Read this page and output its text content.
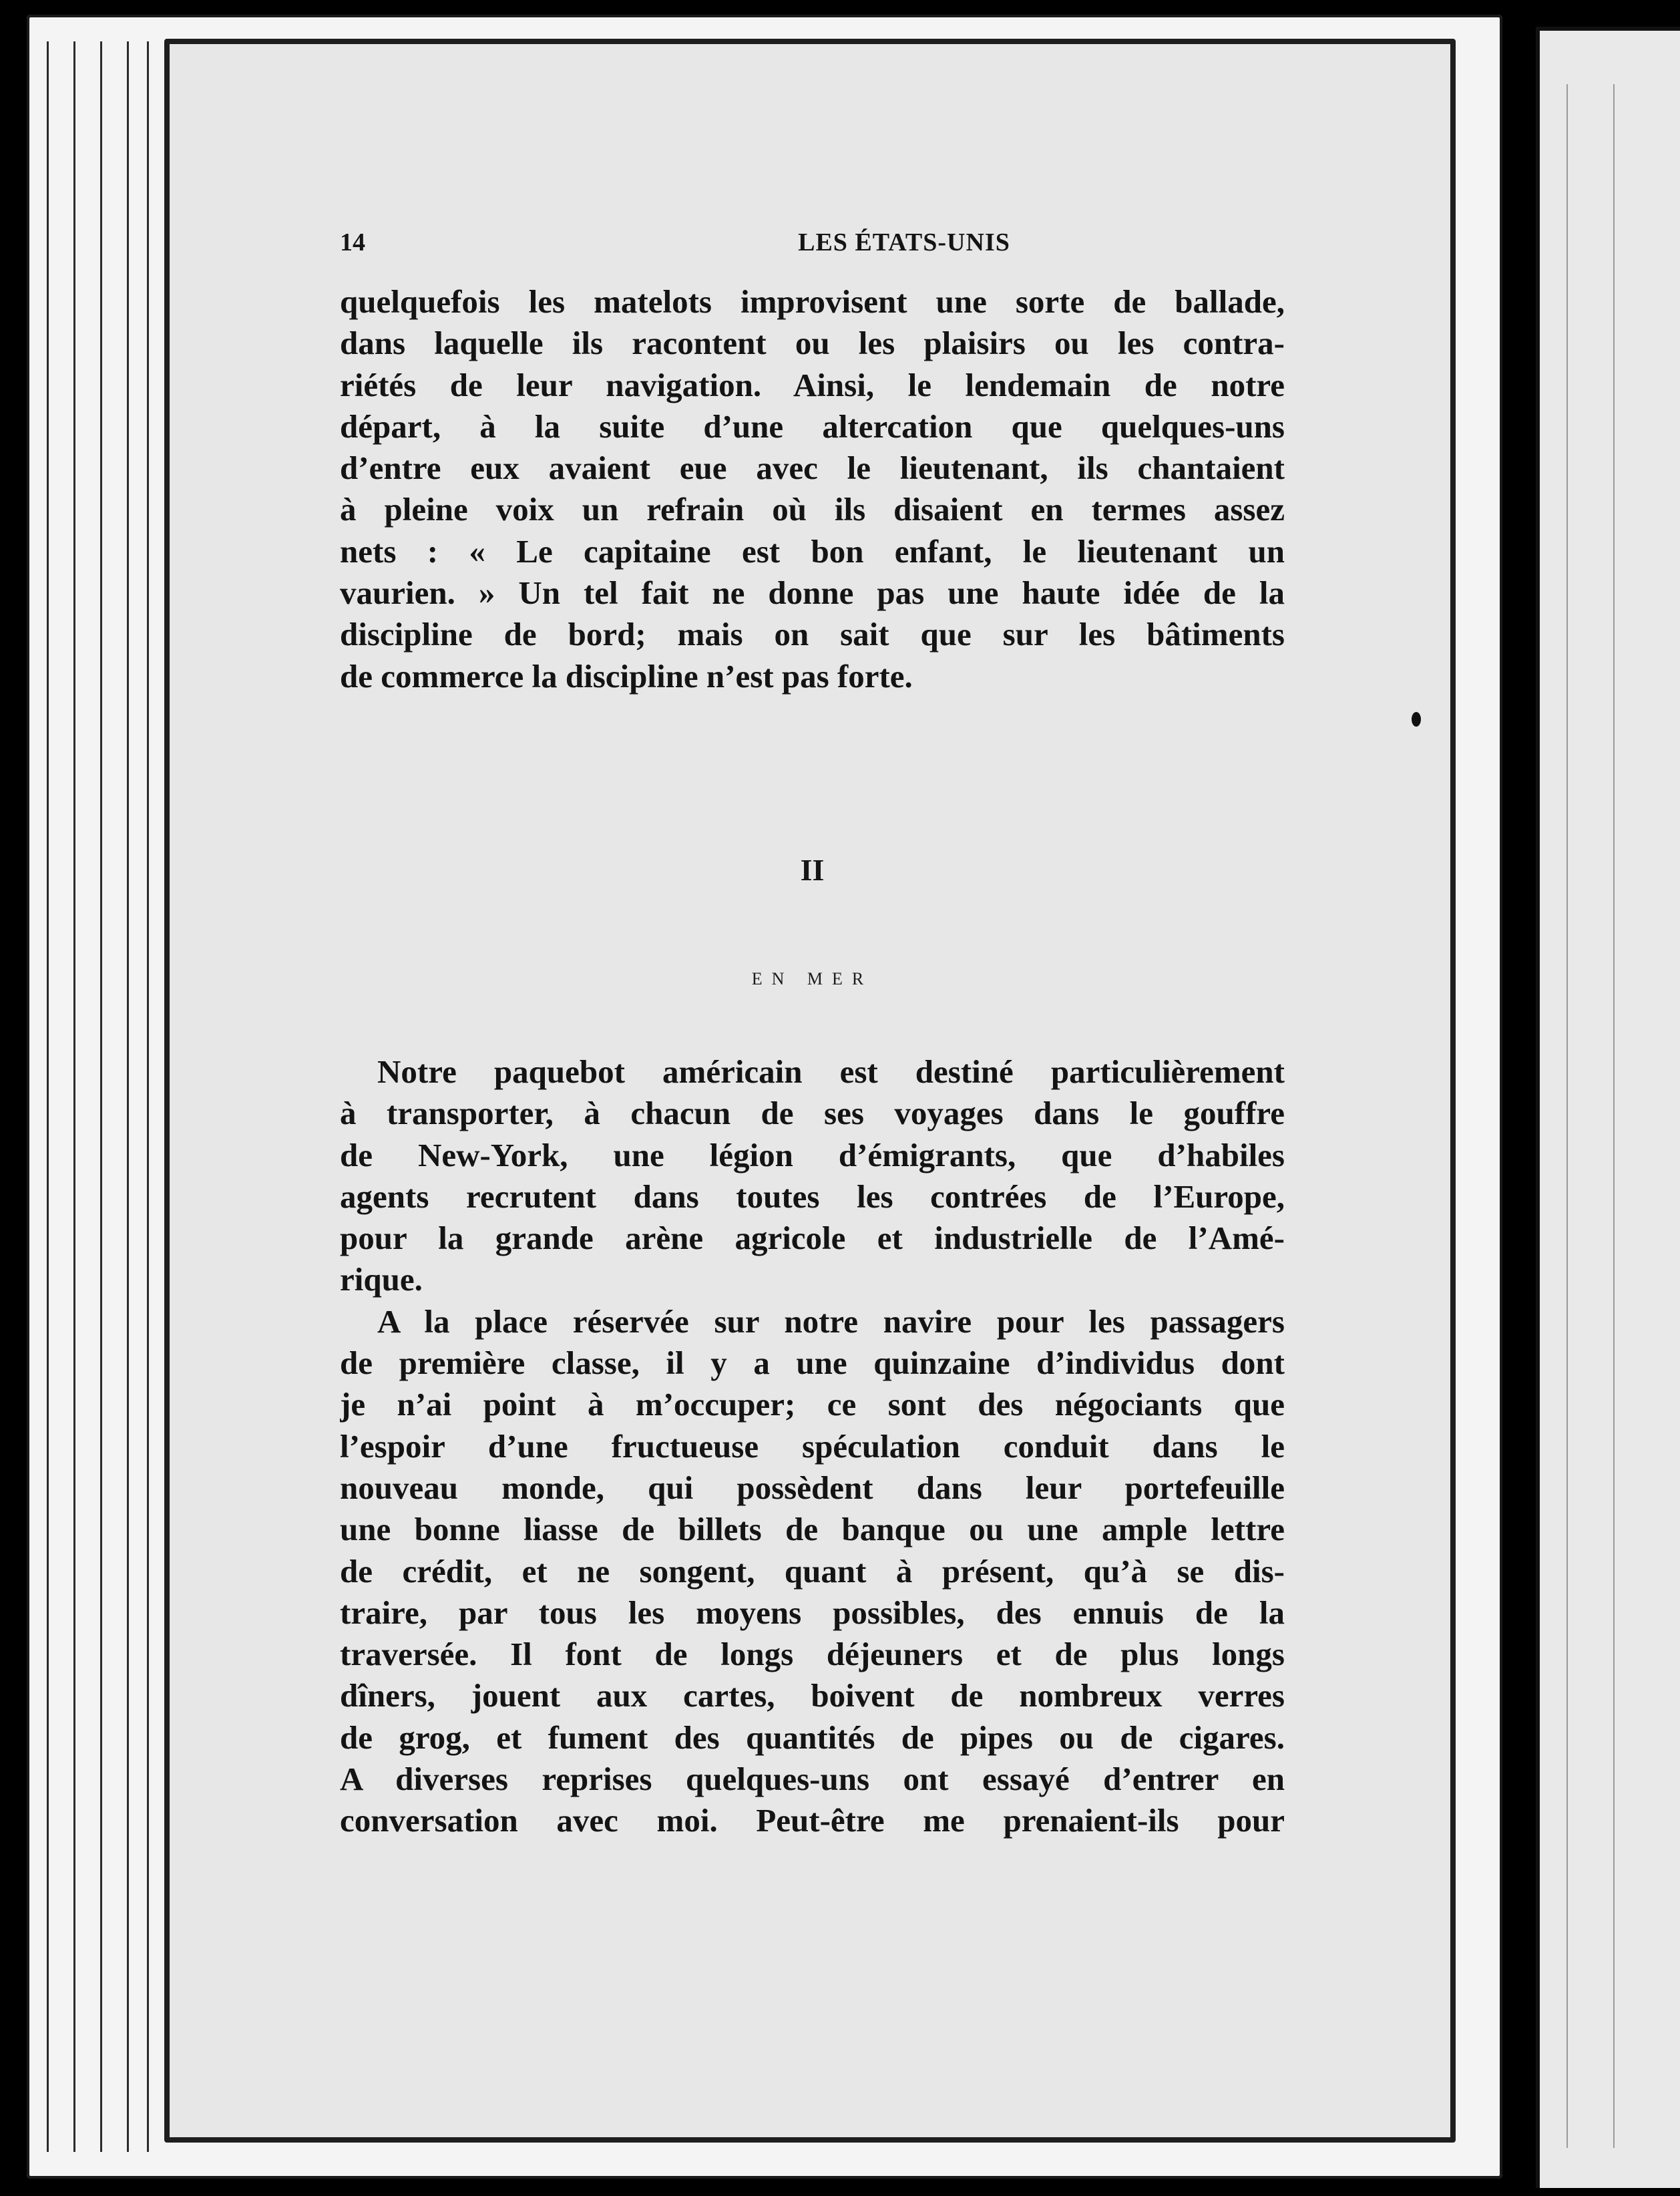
14	LES ÉTATS-UNIS

quelquefois les matelots improvisent une sorte de ballade,
dans laquelle ils racontent ou les plaisirs ou les contra-
riétés de leur navigation. Ainsi, le lendemain de notre
départ, à la suite d’une altercation que quelques-uns
d’entre eux avaient eue avec le lieutenant, ils chantaient
à pleine voix un refrain où ils disaient en termes assez
nets : « Le capitaine est bon enfant, le lieutenant un
vaurien. » Un tel fait ne donne pas une haute idée de la
discipline de bord; mais on sait que sur les bâtiments
de commerce la discipline n’est pas forte.

II
EN MER

Notre paquebot américain est destiné particulièrement
à transporter, à chacun de ses voyages dans le gouffre
de New-York, une légion d’émigrants, que d’habiles
agents recrutent dans toutes les contrées de l’Europe,
pour la grande arène agricole et industrielle de l’Amé-
rique.

A la place réservée sur notre navire pour les passagers
de première classe, il y a une quinzaine d’individus dont
je n’ai point à m’occuper; ce sont des négociants que
l’espoir d’une fructueuse spéculation conduit dans le
nouveau monde, qui possèdent dans leur portefeuille
une bonne liasse de billets de banque ou une ample lettre
de crédit, et ne songent, quant à présent, qu’à se dis-
traire, par tous les moyens possibles, des ennuis de la
traversée. Il font de longs déjeuners et de plus longs
dîners, jouent aux cartes, boivent de nombreux verres
de grog, et fument des quantités de pipes ou de cigares.
A diverses reprises quelques-uns ont essayé d’entrer en
conversation avec moi. Peut-être me prenaient-ils pour
